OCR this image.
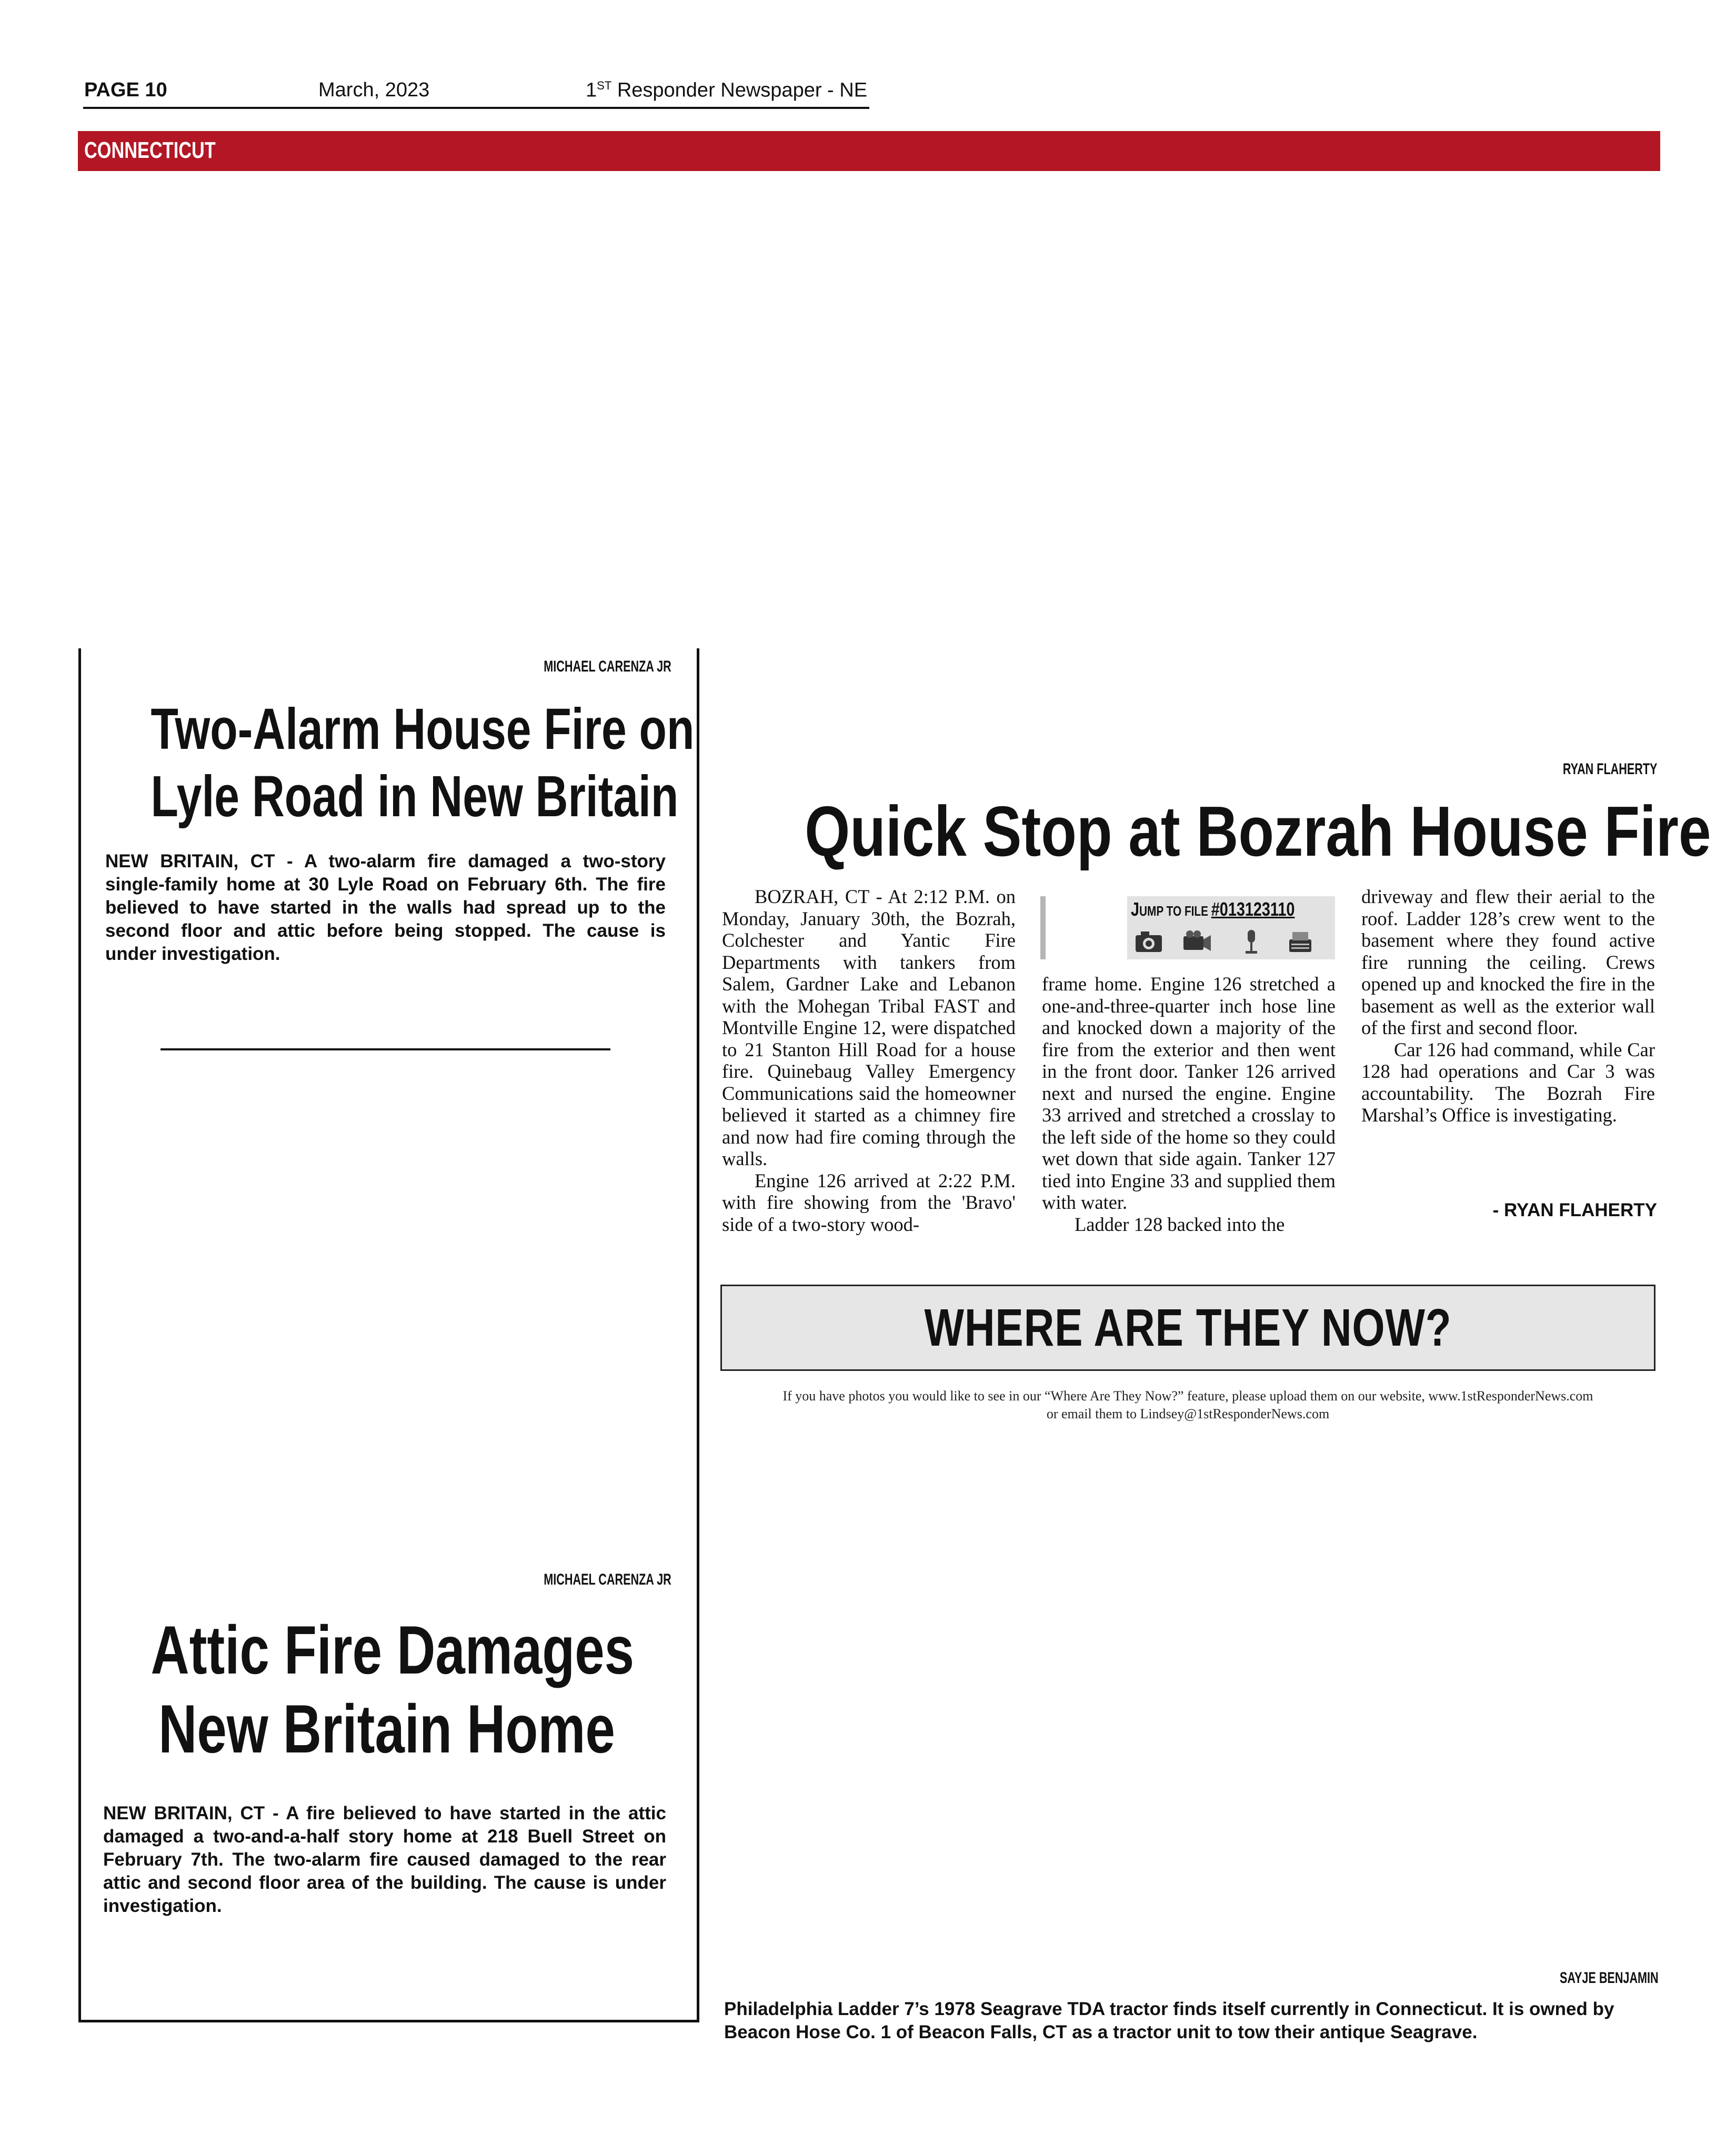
PAGE 10	March, 2023	1ST Responder Newspaper - NE
CONNECTICUT
MICHAEL CARENZA JR
Two-Alarm House Fire on
Lyle Road in New Britain
NEW BRITAIN, CT - A two-alarm fire damaged a two-story single-family home at 30 Lyle Road on February 6th. The fire believed to have started in the walls had spread up to the second floor and attic before being stopped. The cause is under investigation.
MICHAEL CARENZA JR
Attic Fire Damages
New Britain Home
NEW BRITAIN, CT - A fire believed to have started in the attic damaged a two-and-a-half story home at 218 Buell Street on February 7th. The two-alarm fire caused damaged to the rear attic and second floor area of the building. The cause is under investigation.
RYAN FLAHERTY
Quick Stop at Bozrah House Fire

BOZRAH, CT - At 2:12 P.M. on Monday, January 30th, the Bozrah, Colchester and Yantic Fire Departments with tankers from Salem, Gardner Lake and Lebanon with the Mohegan Tribal FAST and Montville Engine 12, were dispatched to 21 Stanton Hill Road for a house fire. Quinebaug Valley Emergency Communications said the homeowner believed it started as a chimney fire and now had fire coming through the walls.

Engine 126 arrived at 2:22 P.M. with fire showing from the 'Bravo' side of a two-story wood-

JUMP TO FILE #013123110

frame home. Engine 126 stretched a one-and-three-quarter inch hose line and knocked down a majority of the fire from the exterior and then went in the front door. Tanker 126 arrived next and nursed the engine. Engine 33 arrived and stretched a crosslay to the left side of the home so they could wet down that side again. Tanker 127 tied into Engine 33 and supplied them with water.

Ladder 128 backed into the

driveway and flew their aerial to the roof. Ladder 128’s crew went to the basement where they found active fire running the ceiling. Crews opened up and knocked the fire in the basement as well as the exterior wall of the first and second floor.

Car 126 had command, while Car 128 had operations and Car 3 was accountability. The Bozrah Fire Marshal’s Office is investigating.

- RYAN FLAHERTY
WHERE ARE THEY NOW?
If you have photos you would like to see in our “Where Are They Now?” feature, please upload them on our website, www.1stResponderNews.com
or email them to Lindsey@1stResponderNews.com
SAYJE BENJAMIN
Philadelphia Ladder 7’s 1978 Seagrave TDA tractor finds itself currently in Connecticut. It is owned by Beacon Hose Co. 1 of Beacon Falls, CT as a tractor unit to tow their antique Seagrave.
